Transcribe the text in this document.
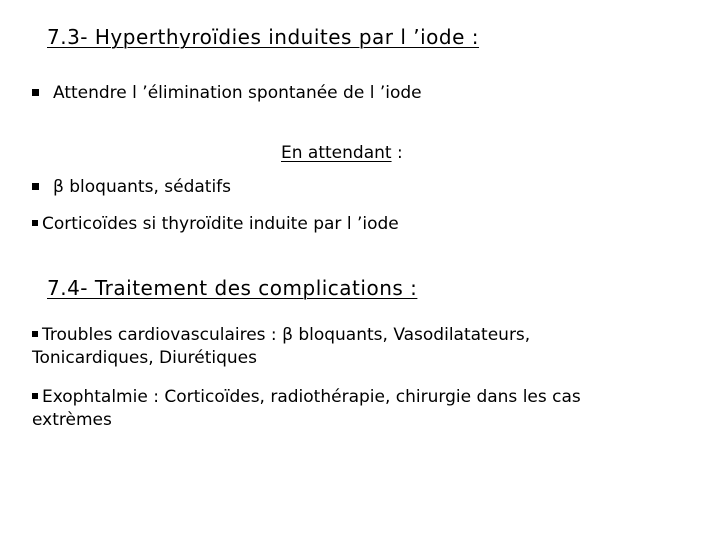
7.3- Hyperthyroïdies induites par l ’iode :
Attendre l ’élimination spontanée de l ’iode
En attendant :
β bloquants, sédatifs
Corticoïdes si thyroïdite induite par l ’iode
7.4- Traitement des complications :
Troubles cardiovasculaires : β bloquants, Vasodilatateurs,
Tonicardiques, Diurétiques
Exophtalmie : Corticoïdes, radiothérapie, chirurgie dans les cas
extrèmes
